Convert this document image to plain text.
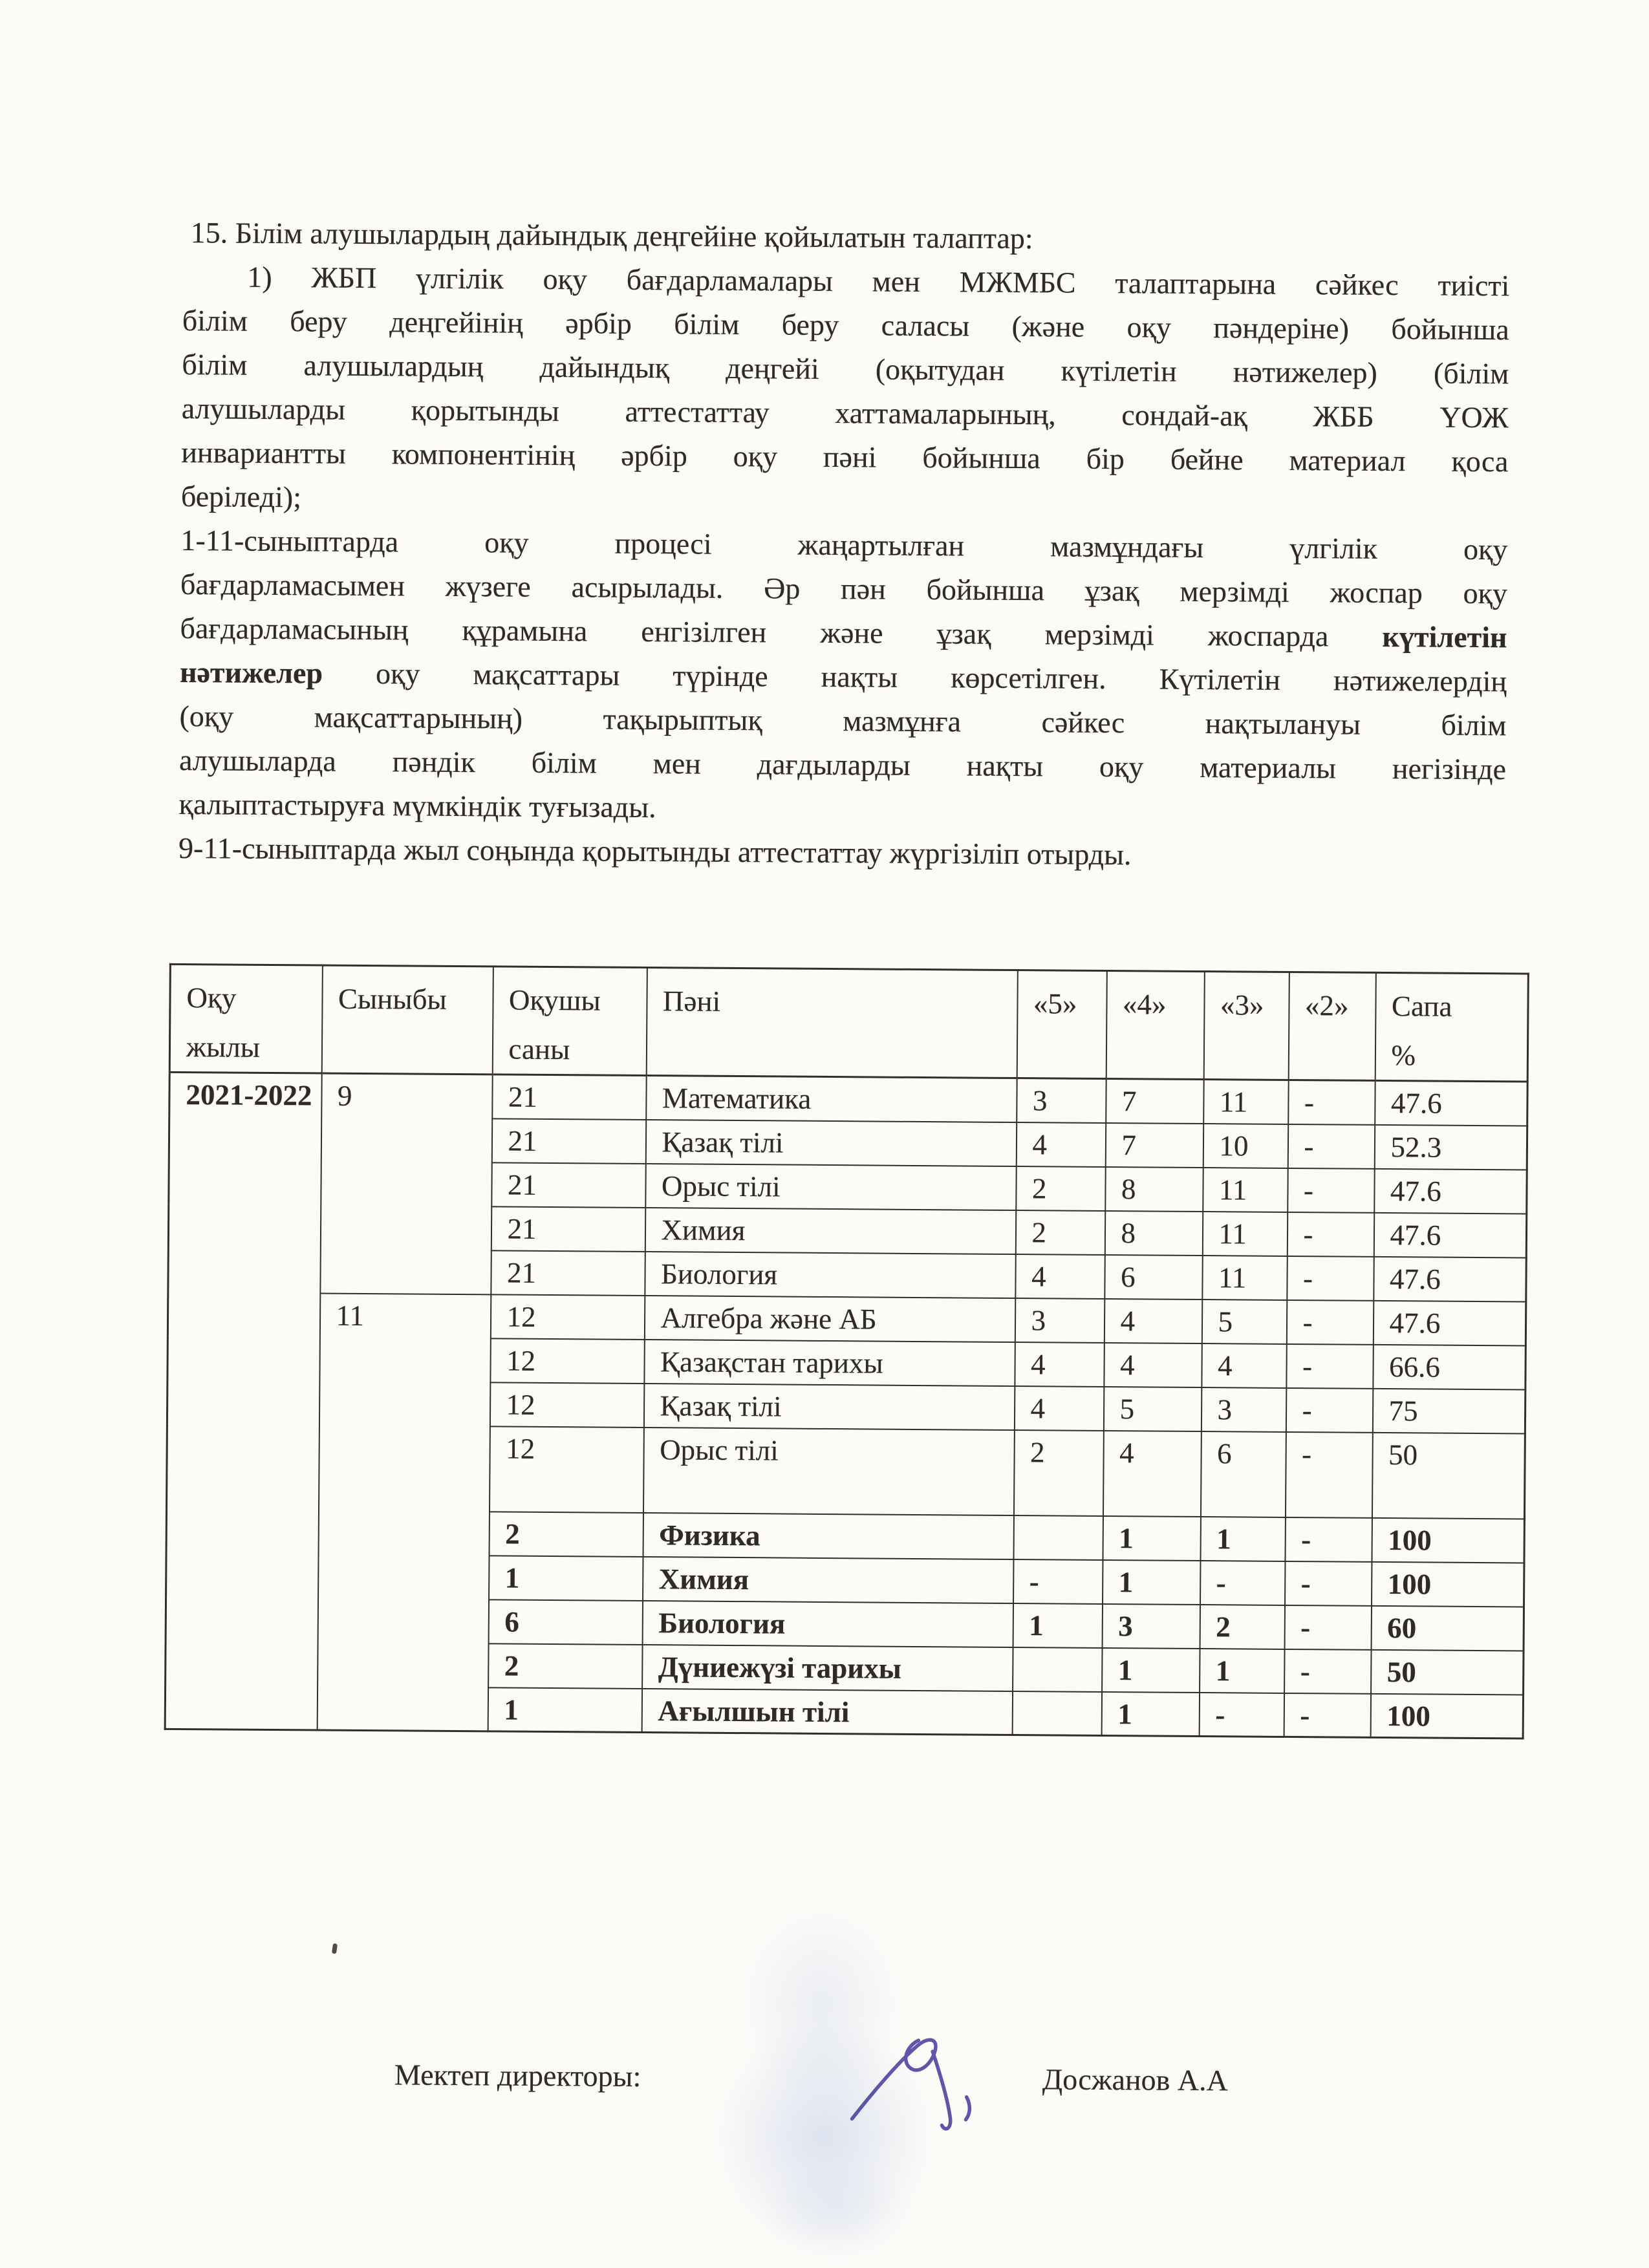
15. Білім алушылардың дайындық деңгейіне қойылатын талаптар:
1) ЖБП үлгілік оқу бағдарламалары мен МЖМБС талаптарына сәйкес тиісті
білім беру деңгейінің әрбір білім беру саласы (және оқу пәндеріне) бойынша
білім алушылардың дайындық деңгейі (оқытудан күтілетін нәтижелер) (білім
алушыларды қорытынды аттестаттау хаттамаларының, сондай-ақ ЖББ ҮОЖ
инвариантты компонентінің әрбір оқу пәні бойынша бір бейне материал қоса
беріледі);
1-11-сыныптарда оқу процесі жаңартылған мазмұндағы үлгілік оқу
бағдарламасымен жүзеге асырылады. Әр пән бойынша ұзақ мерзімді жоспар оқу
бағдарламасының құрамына енгізілген және ұзақ мерзімді жоспарда күтілетін
нәтижелер оқу мақсаттары түрінде нақты көрсетілген. Күтілетін нәтижелердің
(оқу мақсаттарының) тақырыптық мазмұнға сәйкес нақтылануы білім
алушыларда пәндік білім мен дағдыларды нақты оқу материалы негізінде
қалыптастыруға мүмкіндік туғызады.
9-11-сыныптарда жыл соңында қорытынды аттестаттау жүргізіліп отырды.
Оқу жылы	Сыныбы	Оқушы саны	Пәні	«5»	«4»	«3»	«2»	Сапа %
2021-2022	9	21	Математика	3	7	11	-	47.6
		21	Қазақ тілі	4	7	10	-	52.3
		21	Орыс тілі	2	8	11	-	47.6
		21	Химия	2	8	11	-	47.6
		21	Биология	4	6	11	-	47.6
	11	12	Алгебра және АБ	3	4	5	-	47.6
		12	Қазақстан тарихы	4	4	4	-	66.6
		12	Қазақ тілі	4	5	3	-	75
		12	Орыс тілі	2	4	6	-	50
		2	Физика		1	1	-	100
		1	Химия	-	1	-	-	100
		6	Биология	1	3	2	-	60
		2	Дүниежүзі тарихы		1	1	-	50
		1	Ағылшын тілі		1	-	-	100
Мектеп директоры:	Досжанов А.А
